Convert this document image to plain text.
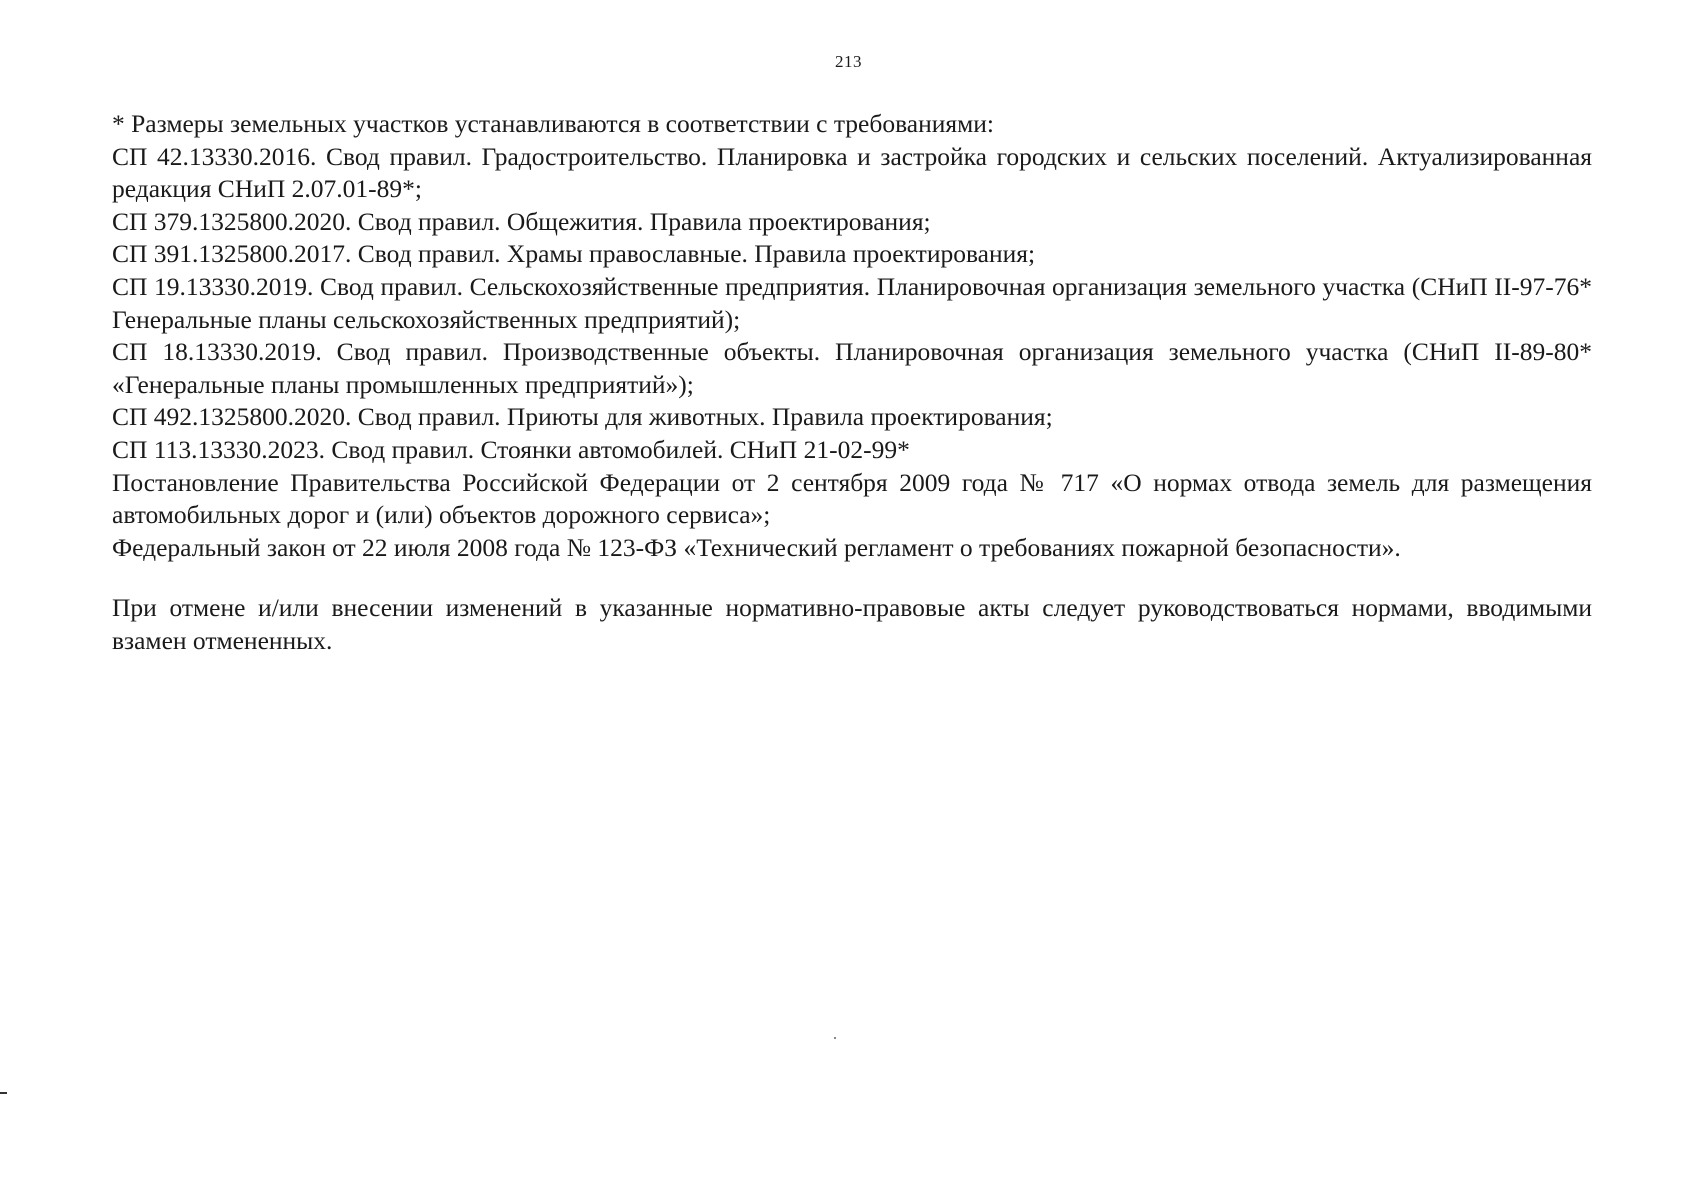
213

* Размеры земельных участков устанавливаются в соответствии с требованиями:

СП 42.13330.2016. Свод правил. Градостроительство. Планировка и застройка городских и сельских поселений. Актуализированная редакция СНиП 2.07.01-89*;

СП 379.1325800.2020. Свод правил. Общежития. Правила проектирования;

СП 391.1325800.2017. Свод правил. Храмы православные. Правила проектирования;

СП 19.13330.2019. Свод правил. Сельскохозяйственные предприятия. Планировочная организация земельного участка (СНиП II-97-76* Генеральные планы сельскохозяйственных предприятий);

СП 18.13330.2019. Свод правил. Производственные объекты. Планировочная организация земельного участка (СНиП II-89-80* «Генеральные планы промышленных предприятий»);

СП 492.1325800.2020. Свод правил. Приюты для животных. Правила проектирования;

СП 113.13330.2023. Свод правил. Стоянки автомобилей. СНиП 21-02-99*

Постановление Правительства Российской Федерации от 2 сентября 2009 года № 717 «О нормах отвода земель для размещения автомобильных дорог и (или) объектов дорожного сервиса»;

Федеральный закон от 22 июля 2008 года № 123-ФЗ «Технический регламент о требованиях пожарной безопасности».

При отмене и/или внесении изменений в указанные нормативно-правовые акты следует руководствоваться нормами, вводимыми взамен отмененных.
